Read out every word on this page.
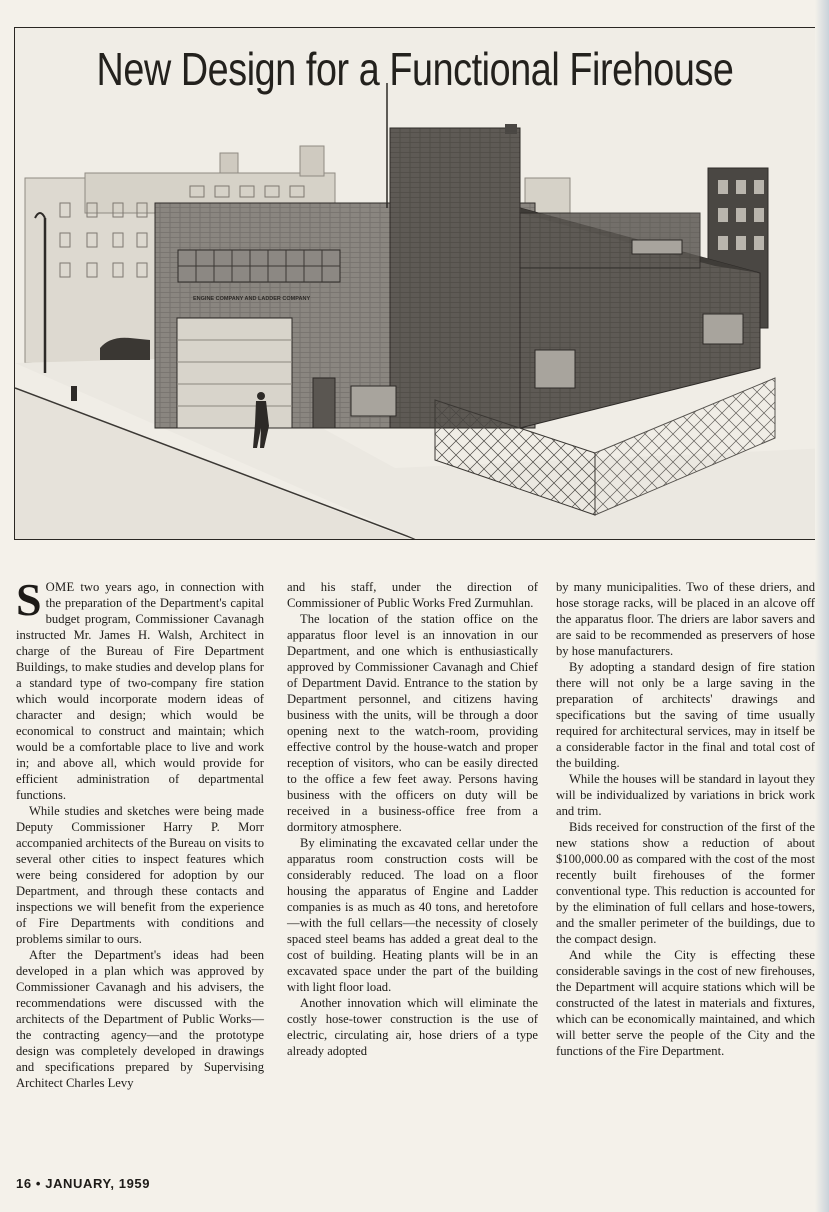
ENGINE COMPANY AND LADDER COMPANY
New Design for a Functional Firehouse

SOME two years ago, in connection with the preparation of the Department's capital budget program, Commissioner Cavanagh instructed Mr. James H. Walsh, Architect in charge of the Bureau of Fire Department Buildings, to make studies and develop plans for a standard type of two-company fire station which would incorporate modern ideas of character and design; which would be economical to construct and maintain; which would be a comfortable place to live and work in; and above all, which would provide for efficient administration of departmental functions.

While studies and sketches were being made Deputy Commissioner Harry P. Morr accompanied architects of the Bureau on visits to several other cities to inspect features which were being considered for adoption by our Department, and through these contacts and inspections we will benefit from the experience of Fire Departments with conditions and problems similar to ours.

After the Department's ideas had been developed in a plan which was approved by Commissioner Cavanagh and his advisers, the recommendations were discussed with the architects of the Department of Public Works—the contracting agency—and the prototype design was completely developed in drawings and specifications prepared by Supervising Architect Charles Levy

and his staff, under the direction of Commissioner of Public Works Fred Zurmuhlan.

The location of the station office on the apparatus floor level is an innovation in our Department, and one which is enthusiastically approved by Commissioner Cavanagh and Chief of Department David. Entrance to the station by Department personnel, and citizens having business with the units, will be through a door opening next to the watch-room, providing effective control by the house-watch and proper reception of visitors, who can be easily directed to the office a few feet away. Persons having business with the officers on duty will be received in a business-office free from a dormitory atmosphere.

By eliminating the excavated cellar under the apparatus room construction costs will be considerably reduced. The load on a floor housing the apparatus of Engine and Ladder companies is as much as 40 tons, and heretofore—with the full cellars—the necessity of closely spaced steel beams has added a great deal to the cost of building. Heating plants will be in an excavated space under the part of the building with light floor load.

Another innovation which will eliminate the costly hose-tower construction is the use of electric, circulating air, hose driers of a type already adopted

by many municipalities. Two of these driers, and hose storage racks, will be placed in an alcove off the apparatus floor. The driers are labor savers and are said to be recommended as preservers of hose by hose manufacturers.

By adopting a standard design of fire station there will not only be a large saving in the preparation of architects' drawings and specifications but the saving of time usually required for architectural services, may in itself be a considerable factor in the final and total cost of the building.

While the houses will be standard in layout they will be individualized by variations in brick work and trim.

Bids received for construction of the first of the new stations show a reduction of about $100,000.00 as compared with the cost of the most recently built firehouses of the former conventional type. This reduction is accounted for by the elimination of full cellars and hose-towers, and the smaller perimeter of the buildings, due to the compact design.

And while the City is effecting these considerable savings in the cost of new firehouses, the Department will acquire stations which will be constructed of the latest in materials and fixtures, which can be economically maintained, and which will better serve the people of the City and the functions of the Fire Department.

16 • JANUARY, 1959
